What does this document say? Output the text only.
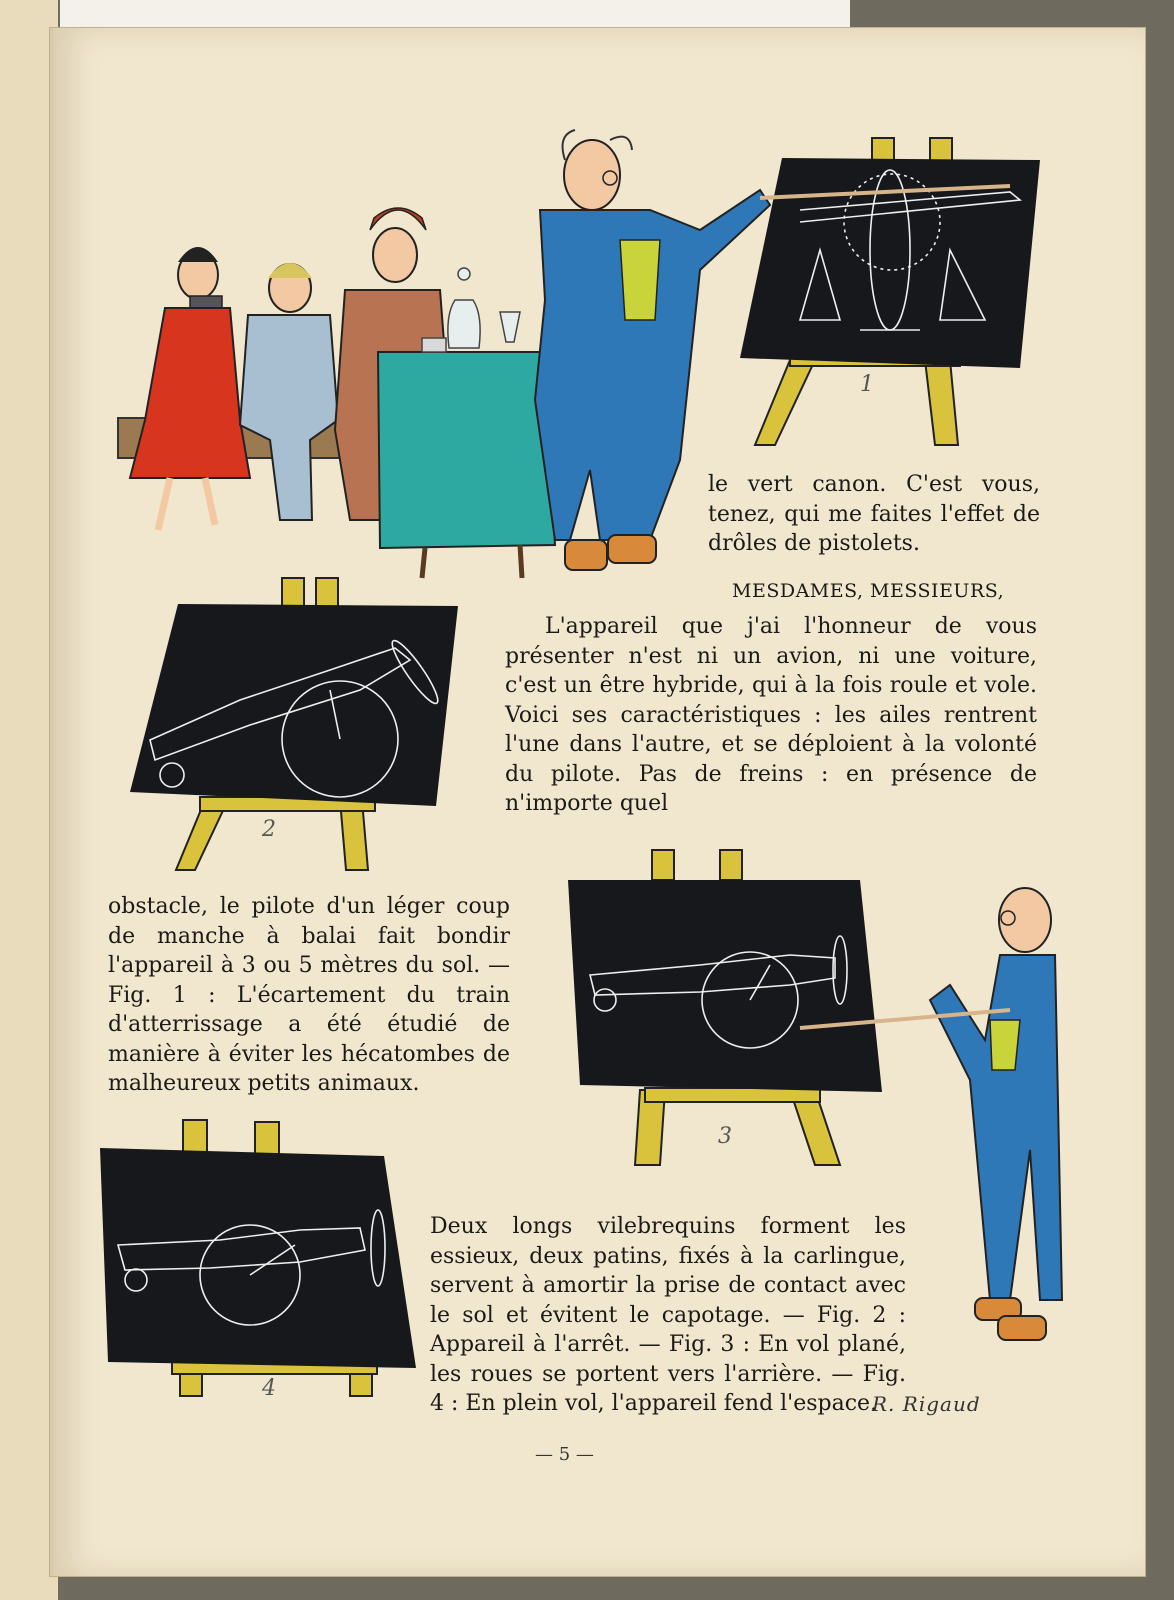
le vert canon. C'est vous, tenez, qui me faites l'effet de drôles de pistolets.
MESDAMES, MESSIEURS,
L'appareil que j'ai l'honneur de vous présenter n'est ni un avion, ni une voiture, c'est un être hybride, qui à la fois roule et vole. Voici ses caractéristiques : les ailes rentrent l'une dans l'autre, et se déploient à la volonté du pilote. Pas de freins : en présence de n'importe quel
obstacle, le pilote d'un léger coup de manche à balai fait bondir l'appareil à 3 ou 5 mètres du sol. — Fig. 1 : L'écartement du train d'atterrissage a été étudié de manière à éviter les hécatombes de malheureux petits animaux.
Deux longs vilebrequins forment les essieux, deux patins, fixés à la carlingue, servent à amortir la prise de contact avec le sol et évitent le capotage. — Fig. 2 : Appareil à l'arrêt. — Fig. 3 : En vol plané, les roues se portent vers l'arrière. — Fig. 4 : En plein vol, l'appareil fend l'espace.
1
2
3
4
R. Rigaud
— 5 —
